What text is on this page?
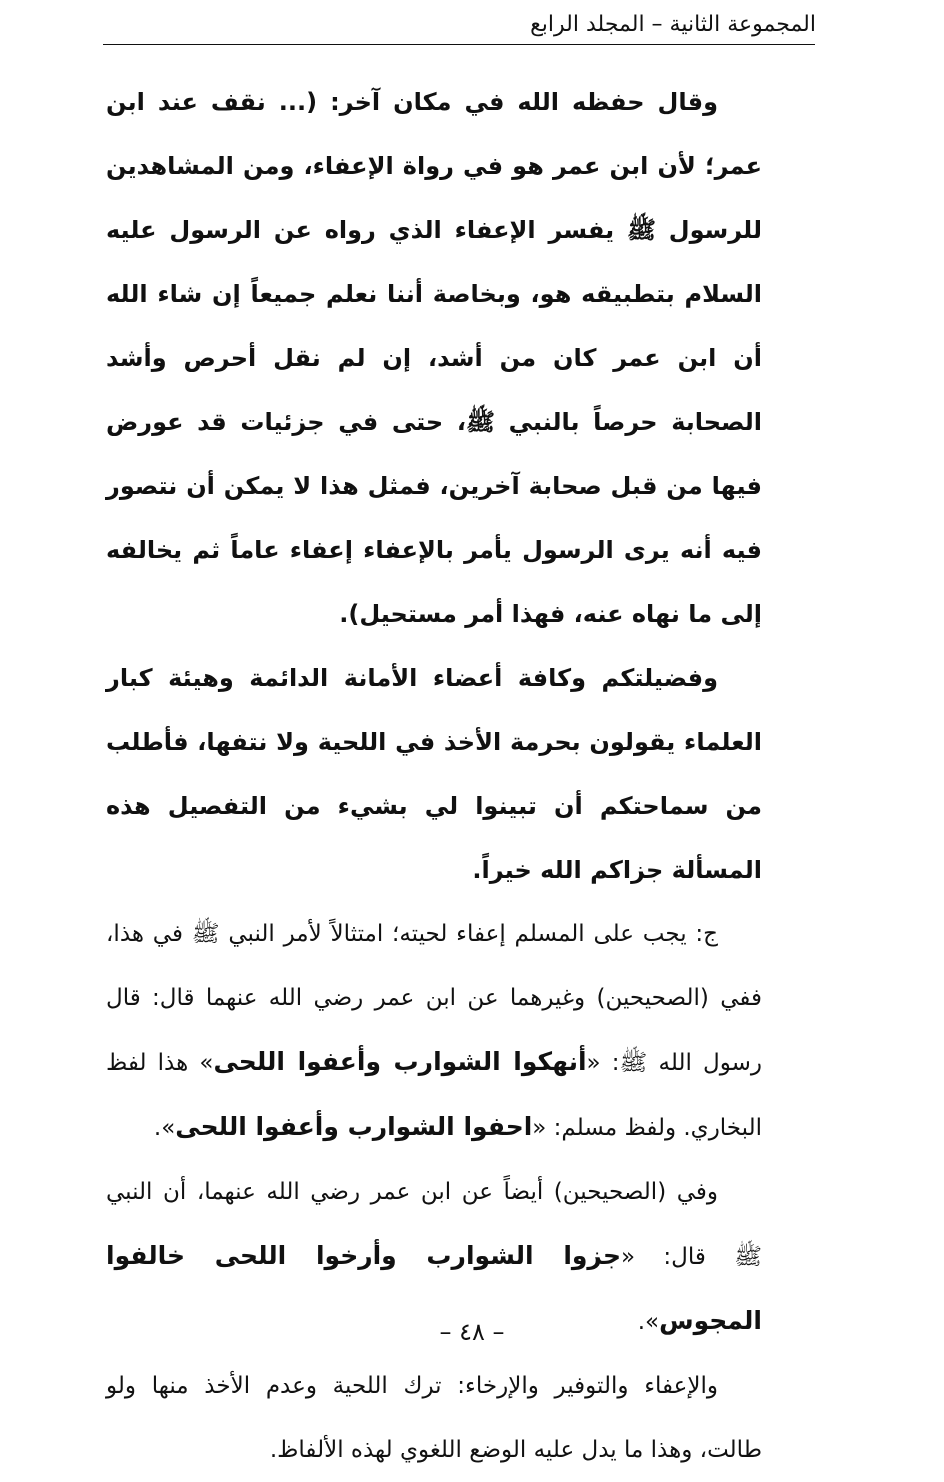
المجموعة الثانية – المجلد الرابع

وقال حفظه الله في مكان آخر: (... نقف عند ابن عمر؛ لأن ابن عمر هو في رواة الإعفاء، ومن المشاهدين للرسول ﷺ يفسر الإعفاء الذي رواه عن الرسول عليه السلام بتطبيقه هو، وبخاصة أننا نعلم جميعاً إن شاء الله أن ابن عمر كان من أشد، إن لم نقل أحرص وأشد الصحابة حرصاً بالنبي ﷺ، حتى في جزئيات قد عورض فيها من قبل صحابة آخرين، فمثل هذا لا يمكن أن نتصور فيه أنه يرى الرسول يأمر بالإعفاء إعفاء عاماً ثم يخالفه إلى ما نهاه عنه، فهذا أمر مستحيل).

وفضيلتكم وكافة أعضاء الأمانة الدائمة وهيئة كبار العلماء يقولون بحرمة الأخذ في اللحية ولا نتفها، فأطلب من سماحتكم أن تبينوا لي بشيء من التفصيل هذه المسألة جزاكم الله خيراً.

ج: يجب على المسلم إعفاء لحيته؛ امتثالاً لأمر النبي ﷺ في هذا، ففي (الصحيحين) وغيرهما عن ابن عمر رضي الله عنهما قال: قال رسول الله ﷺ: «أنهكوا الشوارب وأعفوا اللحى» هذا لفظ البخاري. ولفظ مسلم: «احفوا الشوارب وأعفوا اللحى».

وفي (الصحيحين) أيضاً عن ابن عمر رضي الله عنهما، أن النبي ﷺ قال: «جزوا الشوارب وأرخوا اللحى خالفوا المجوس».

والإعفاء والتوفير والإرخاء: ترك اللحية وعدم الأخذ منها ولو طالت، وهذا ما يدل عليه الوضع اللغوي لهذه الألفاظ.

– ٤٨ –
